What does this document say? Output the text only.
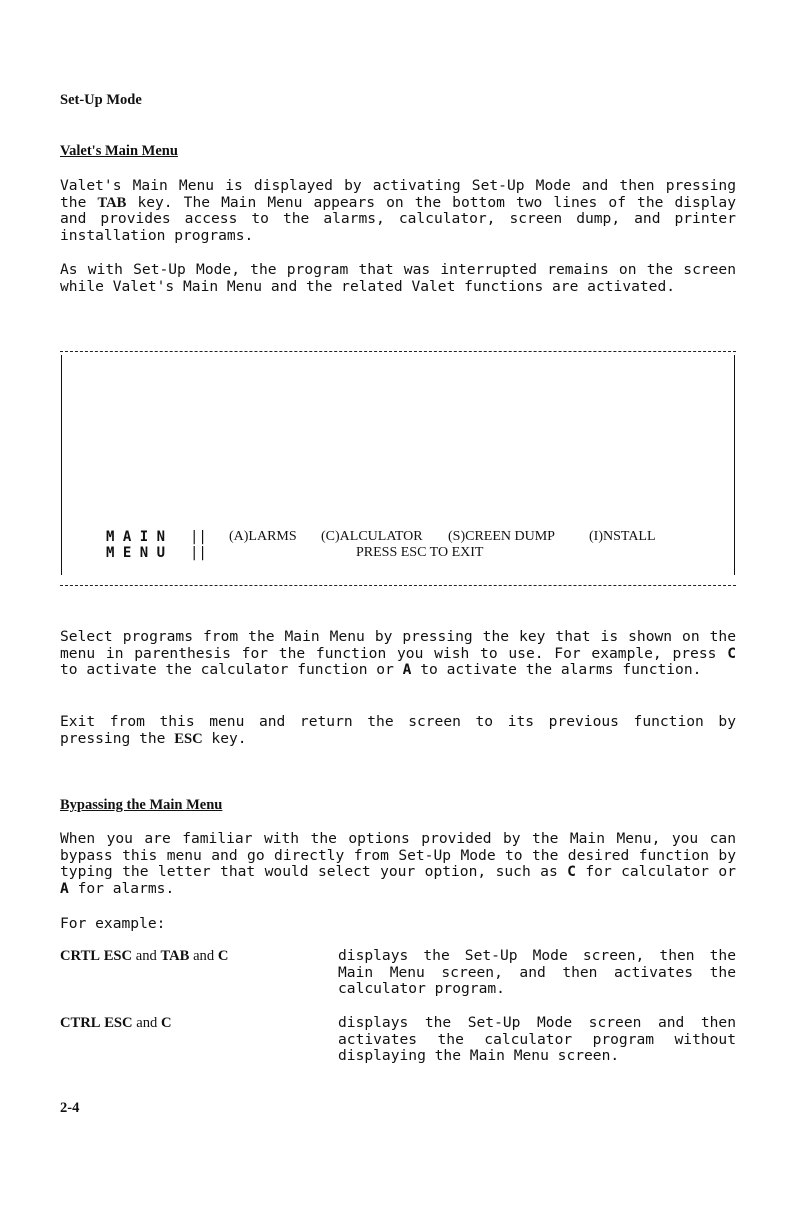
Set-Up Mode
Valet's Main Menu
Valet's Main Menu is displayed by activating Set-Up Mode and then pressing the TAB key. The Main Menu appears on the bottom two lines of the display and provides access to the alarms, calculator, screen dump, and printer installation programs.
As with Set-Up Mode, the program that was interrupted remains on the screen while Valet's Main Menu and the related Valet functions are activated.
M A I N
M E N U
||
||
(A)LARMS (C)ALCULATOR (S)CREEN DUMP (I)NSTALL
PRESS ESC TO EXIT
Select programs from the Main Menu by pressing the key that is shown on the menu in parenthesis for the function you wish to use. For example, press C to activate the calculator function or A to activate the alarms function.
Exit from this menu and return the screen to its previous function by pressing the ESC key.
Bypassing the Main Menu
When you are familiar with the options provided by the Main Menu, you can bypass this menu and go directly from Set-Up Mode to the desired function by typing the letter that would select your option, such as C for calculator or A for alarms.
For example:
CRTL ESC and TAB and C	displays the Set-Up Mode screen, then the Main Menu screen, and then activates the calculator program.
CTRL ESC and C	displays the Set-Up Mode screen and then activates the calculator program without displaying the Main Menu screen.
2-4
